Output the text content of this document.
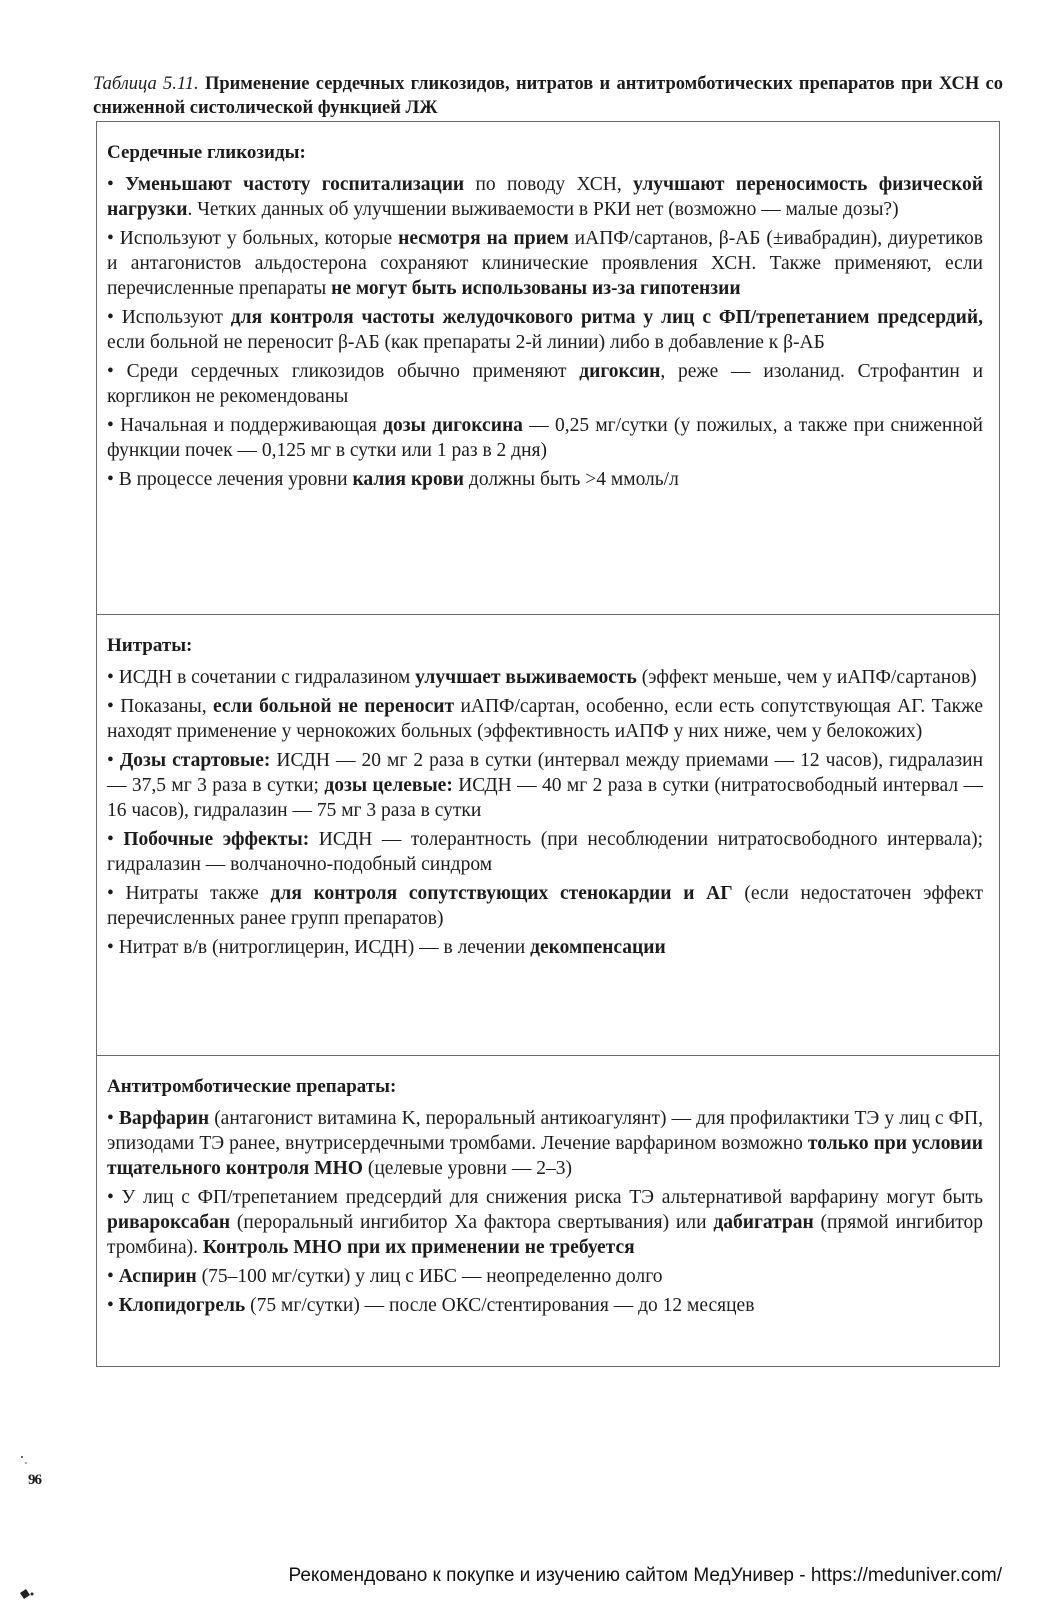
Таблица 5.11. Применение сердечных гликозидов, нитратов и антитромботических препаратов при ХСН со сниженной систолической функцией ЛЖ
Сердечные гликозиды:
• Уменьшают частоту госпитализации по поводу ХСН, улучшают переносимость физической нагрузки. Четких данных об улучшении выживаемости в РКИ нет (возможно — малые дозы?)
• Используют у больных, которые несмотря на прием иАПФ/сартанов, β-АБ (±ивабрадин), диуретиков и антагонистов альдостерона сохраняют клинические проявления ХСН. Также применяют, если перечисленные препараты не могут быть использованы из-за гипотензии
• Используют для контроля частоты желудочкового ритма у лиц с ФП/трепетанием предсердий, если больной не переносит β-АБ (как препараты 2-й линии) либо в добавление к β-АБ
• Среди сердечных гликозидов обычно применяют дигоксин, реже — изоланид. Строфантин и коргликон не рекомендованы
• Начальная и поддерживающая дозы дигоксина — 0,25 мг/сутки (у пожилых, а также при сниженной функции почек — 0,125 мг в сутки или 1 раз в 2 дня)
• В процессе лечения уровни калия крови должны быть >4 ммоль/л
Нитраты:
• ИСДН в сочетании с гидралазином улучшает выживаемость (эффект меньше, чем у иАПФ/сартанов)
• Показаны, если больной не переносит иАПФ/сартан, особенно, если есть сопутствующая АГ. Также находят применение у чернокожих больных (эффективность иАПФ у них ниже, чем у белокожих)
• Дозы стартовые: ИСДН — 20 мг 2 раза в сутки (интервал между приемами — 12 часов), гидралазин — 37,5 мг 3 раза в сутки; дозы целевые: ИСДН — 40 мг 2 раза в сутки (нитратосвободный интервал — 16 часов), гидралазин — 75 мг 3 раза в сутки
• Побочные эффекты: ИСДН — толерантность (при несоблюдении нитратосвободного интервала); гидралазин — волчаночно-подобный синдром
• Нитраты также для контроля сопутствующих стенокардии и АГ (если недостаточен эффект перечисленных ранее групп препаратов)
• Нитрат в/в (нитроглицерин, ИСДН) — в лечении декомпенсации
Антитромботические препараты:
• Варфарин (антагонист витамина K, пероральный антикоагулянт) — для профилактики ТЭ у лиц с ФП, эпизодами ТЭ ранее, внутрисердечными тромбами. Лечение варфарином возможно только при условии тщательного контроля МНО (целевые уровни — 2–3)
• У лиц с ФП/трепетанием предсердий для снижения риска ТЭ альтернативой варфарину могут быть ривароксабан (пероральный ингибитор Xa фактора свертывания) или дабигатран (прямой ингибитор тромбина). Контроль МНО при их применении не требуется
• Аспирин (75–100 мг/сутки) у лиц с ИБС — неопределенно долго
• Клопидогрель (75 мг/сутки) — после ОКС/стентирования — до 12 месяцев
96
Рекомендовано к покупке и изучению сайтом МедУнивер - https://meduniver.com/
